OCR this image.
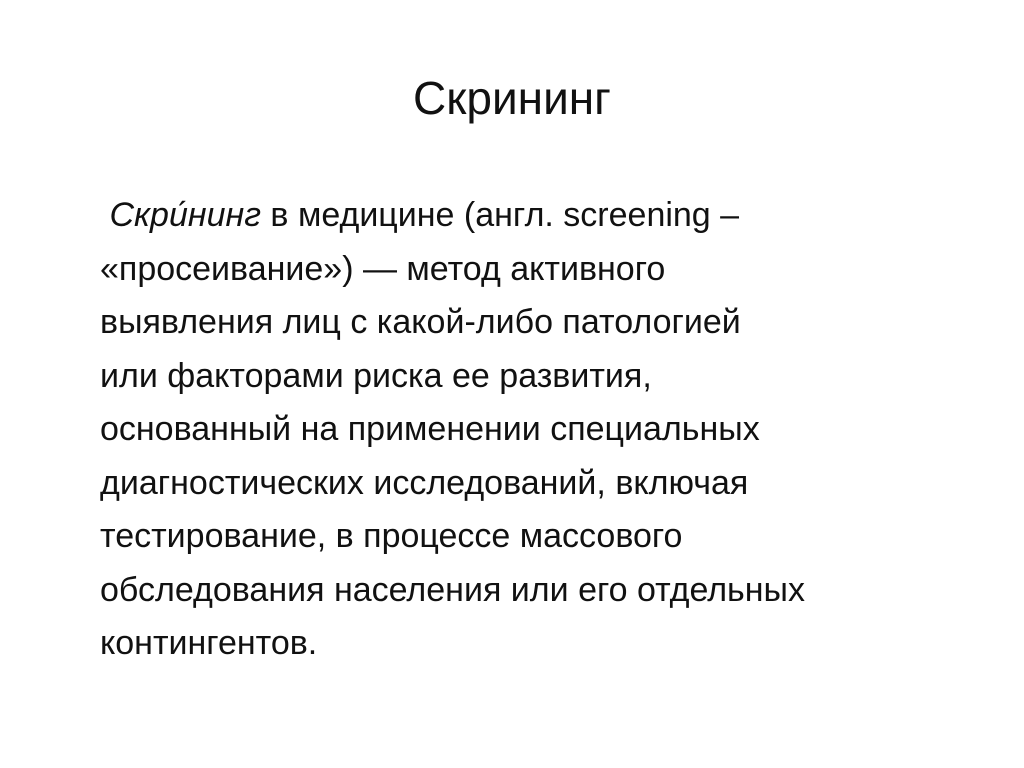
Скрининг
Скри́нинг в медицине (англ. screening –
«просеивание») — метод активного
выявления лиц с какой-либо патологией
или факторами риска ее развития,
основанный на применении специальных
диагностических исследований, включая
тестирование, в процессе массового
обследования населения или его отдельных
контингентов.
